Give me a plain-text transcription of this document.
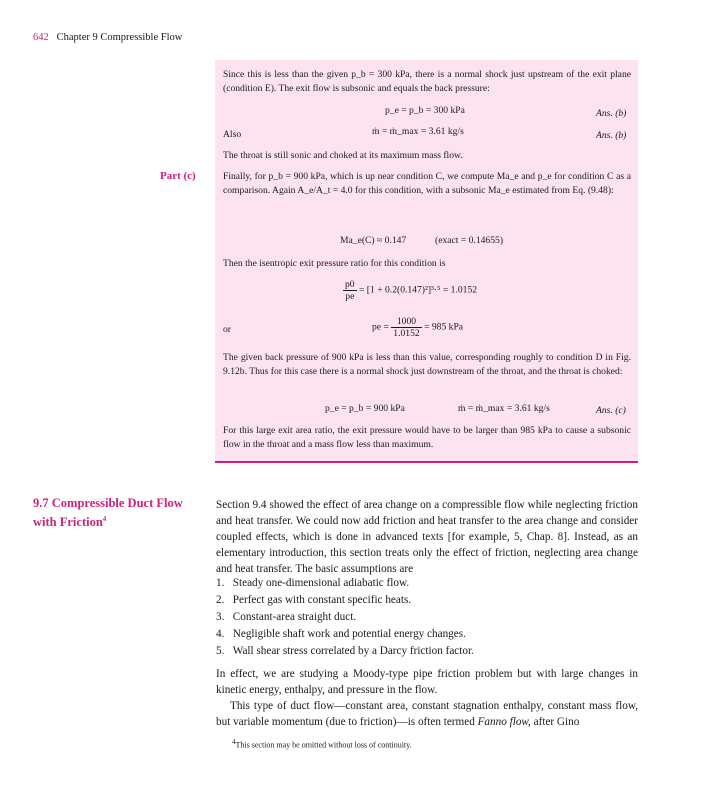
642 Chapter 9 Compressible Flow
Since this is less than the given p_b = 300 kPa, there is a normal shock just upstream of the exit plane (condition E). The exit flow is subsonic and equals the back pressure:
p_e = p_b = 300 kPa	Ans. (b)
Also	ṁ = ṁ_max = 3.61 kg/s	Ans. (b)
The throat is still sonic and choked at its maximum mass flow.
Part (c)	Finally, for p_b = 900 kPa, which is up near condition C, we compute Ma_e and p_e for condition C as a comparison. Again A_e/A_t = 4.0 for this condition, with a subsonic Ma_e estimated from Eq. (9.48):
Ma_e(C) ≈ 0.147	(exact = 0.14655)
Then the isentropic exit pressure ratio for this condition is
$\frac{p0}{pe} = [1 + 0.2(0.147)^2]^3\cdot^5 = 1.0152$
or	pe = $\frac{1000}{1.0152} = 985$ kPa
The given back pressure of 900 kPa is less than this value, corresponding roughly to condition D in Fig. 9.12b. Thus for this case there is a normal shock just downstream of the throat, and the throat is choked:
p_e = p_b = 900 kPa	ṁ = ṁ_max = 3.61 kg/s	Ans. (c)
For this large exit area ratio, the exit pressure would have to be larger than 985 kPa to cause a subsonic flow in the throat and a mass flow less than maximum.
9.7 Compressible Duct Flow
with Friction$^4$
Section 9.4 showed the effect of area change on a compressible flow while neglecting friction and heat transfer. We could now add friction and heat transfer to the area change and consider coupled effects, which is done in advanced texts [for example, 5, Chap. 8]. Instead, as an elementary introduction, this section treats only the effect of friction, neglecting area change and heat transfer. The basic assumptions are
1. Steady one-dimensional adiabatic flow.
2. Perfect gas with constant specific heats.
3. Constant-area straight duct.
4. Negligible shaft work and potential energy changes.
5. Wall shear stress correlated by a Darcy friction factor.
In effect, we are studying a Moody-type pipe friction problem but with large changes in kinetic energy, enthalpy, and pressure in the flow.
This type of duct flow—constant area, constant stagnation enthalpy, constant mass flow, but variable momentum (due to friction)—is often termed Fanno flow, after Gino
$^4$This section may be omitted without loss of continuity.
